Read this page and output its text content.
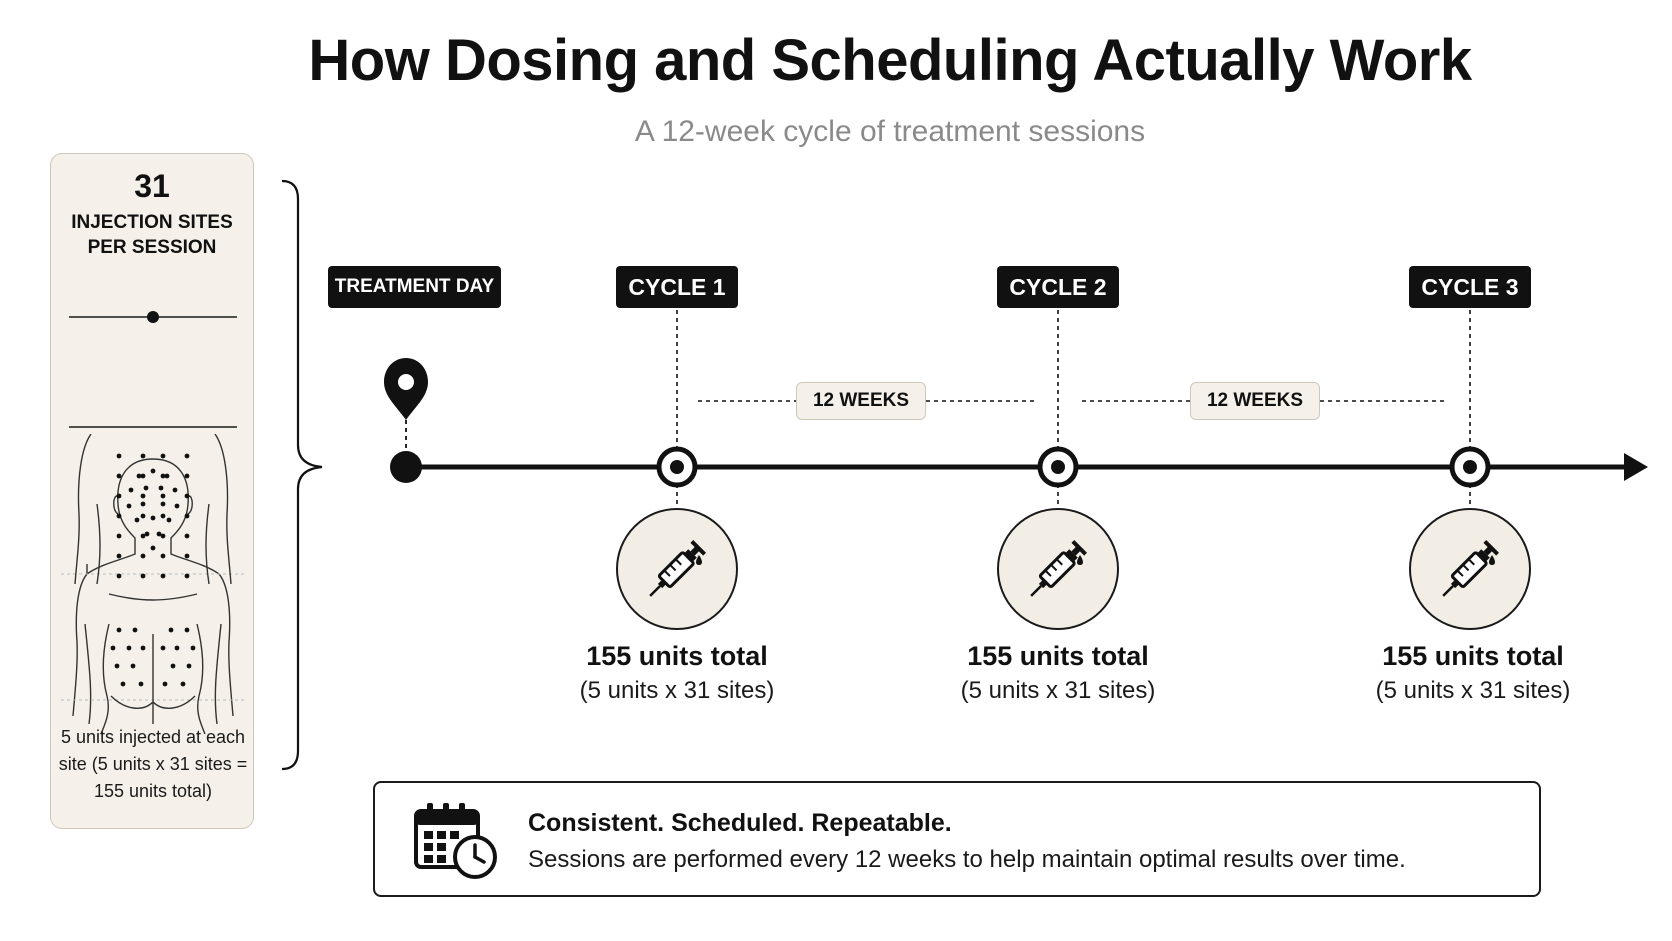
How Dosing and Scheduling Actually Work
A 12-week cycle of treatment sessions
31
INJECTION SITES
PER SESSION
5 units injected at each site (5 units x 31 sites = 155 units total)
TREATMENT DAY	CYCLE 1	CYCLE 2	CYCLE 3
12 WEEKS	12 WEEKS
155 units total
(5 units x 31 sites)
155 units total
(5 units x 31 sites)
155 units total
(5 units x 31 sites)
Consistent. Scheduled. Repeatable.
Sessions are performed every 12 weeks to help maintain optimal results over time.
